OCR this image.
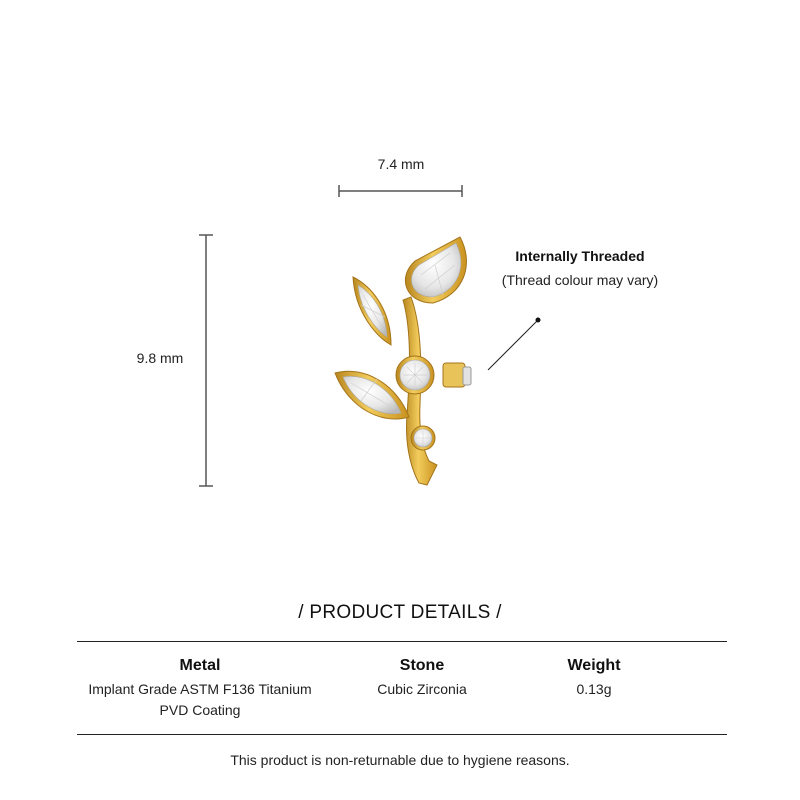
7.4 mm
9.8 mm
Internally Threaded
(Thread colour may vary)
/ PRODUCT DETAILS /
Metal
Implant Grade ASTM F136 Titanium
PVD Coating
Stone
Cubic Zirconia
Weight
0.13g
This product is non-returnable due to hygiene reasons.
